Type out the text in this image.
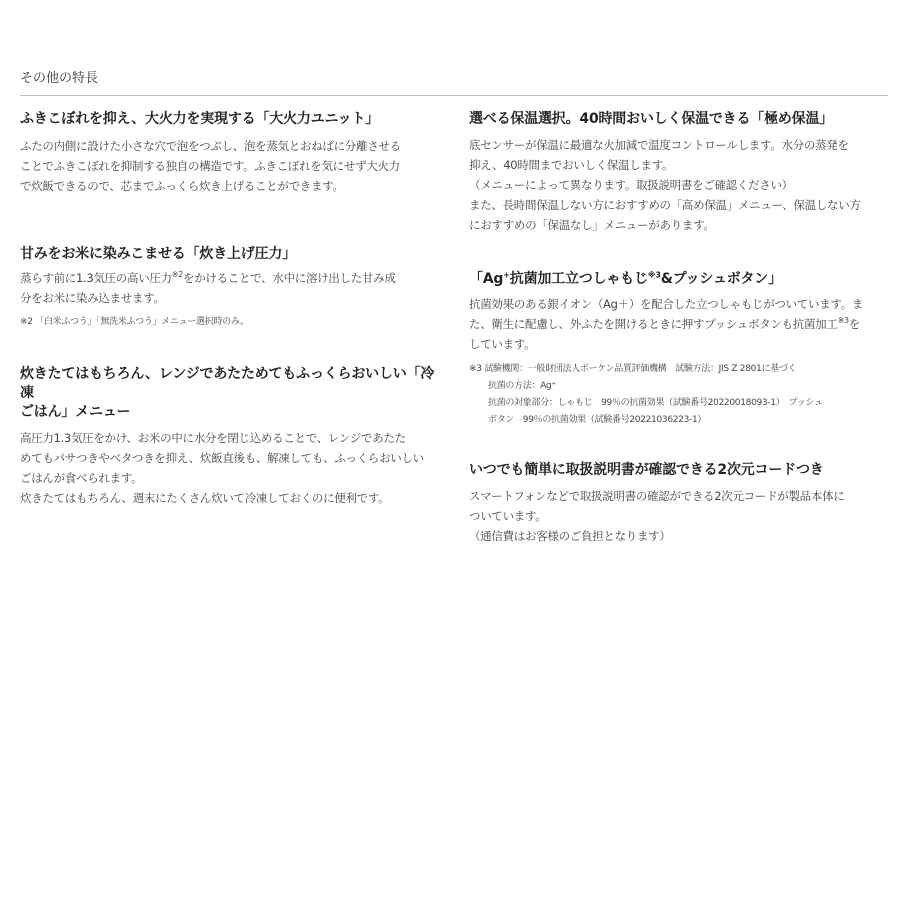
その他の特長
ふきこぼれを抑え、大火力を実現する「大火力ユニット」

ふたの内側に設けた小さな穴で泡をつぶし、泡を蒸気とおねばに分離させる

ことでふきこぼれを抑制する独自の構造です。ふきこぼれを気にせず大火力

で炊飯できるので、芯までふっくら炊き上げることができます。

甘みをお米に染みこませる「炊き上げ圧力」

蒸らす前に1.3気圧の高い圧力$^{※2}$をかけることで、水中に溶け出した甘み成

分をお米に染み込ませます。

※2 「白米ふつう」「無洗米ふつう」メニュー選択時のみ。

炊きたてはもちろん、レンジであたためてもふっくらおいしい「冷凍
ごはん」メニュー

高圧力1.3気圧をかけ、お米の中に水分を閉じ込めることで、レンジであたた

めてもパサつきやベタつきを抑え、炊飯直後も、解凍しても、ふっくらおいしい

ごはんが食べられます。

炊きたてはもちろん、週末にたくさん炊いて冷凍しておくのに便利です。

選べる保温選択。40時間おいしく保温できる「極め保温」

底センサーが保温に最適な火加減で温度コントロールします。水分の蒸発を

抑え、40時間までおいしく保温します。

（メニューによって異なります。取扱説明書をご確認ください）

また、長時間保温しない方におすすめの「高め保温」メニュー、保温しない方

におすすめの「保温なし」メニューがあります。

「Ag+抗菌加工立つしゃもじ$^{※3}$&プッシュボタン」

抗菌効果のある銀イオン（Ag＋）を配合した立つしゃもじがついています。ま

た、衛生に配慮し、外ふたを開けるときに押すプッシュボタンも抗菌加工$^{※3}$を

しています。

※3 試験機関：一般財団法人ボーケン品質評価機構　試験方法：JIS Z 2801に基づく

抗菌の方法：Ag⁺

抗菌の対象部分：しゃもじ　99％の抗菌効果（試験番号20220018093-1）　プッシュ

ボタン　99％の抗菌効果（試験番号20221036223-1）

いつでも簡単に取扱説明書が確認できる2次元コードつき

スマートフォンなどで取扱説明書の確認ができる2次元コードが製品本体に

ついています。

（通信費はお客様のご負担となります）
